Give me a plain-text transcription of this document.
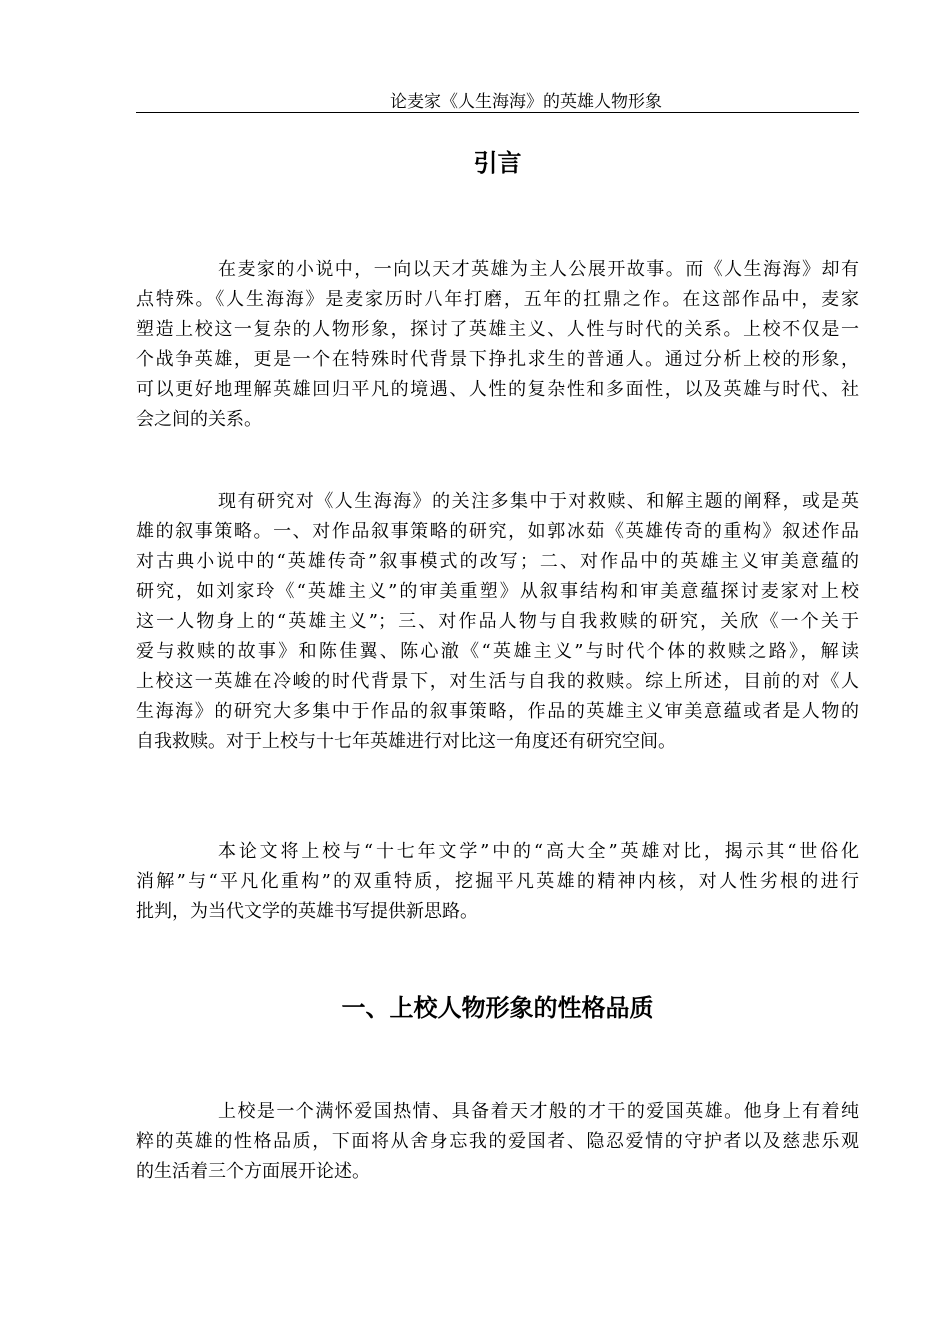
论麦家《人生海海》的英雄人物形象
引言

在麦家的小说中，一向以天才英雄为主人公展开故事。而《人生海海》却有
点特殊。《人生海海》是麦家历时八年打磨，五年的扛鼎之作。在这部作品中，麦家
塑造上校这一复杂的人物形象，探讨了英雄主义、人性与时代的关系。上校不仅是一
个战争英雄，更是一个在特殊时代背景下挣扎求生的普通人。通过分析上校的形象，
可以更好地理解英雄回归平凡的境遇、人性的复杂性和多面性，以及英雄与时代、社
会之间的关系。

现有研究对《人生海海》的关注多集中于对救赎、和解主题的阐释，或是英
雄的叙事策略。一、对作品叙事策略的研究，如郭冰茹《英雄传奇的重构》叙述作品
对古典小说中的“英雄传奇”叙事模式的改写；二、对作品中的英雄主义审美意蕴的
研究，如刘家玲《“英雄主义”的审美重塑》从叙事结构和审美意蕴探讨麦家对上校
这一人物身上的“英雄主义”；三、对作品人物与自我救赎的研究，关欣《一个关于
爱与救赎的故事》和陈佳翼、陈心澈《“英雄主义”与时代个体的救赎之路》，解读
上校这一英雄在冷峻的时代背景下，对生活与自我的救赎。综上所述，目前的对《人
生海海》的研究大多集中于作品的叙事策略，作品的英雄主义审美意蕴或者是人物的
自我救赎。对于上校与十七年英雄进行对比这一角度还有研究空间。

本论文将上校与“十七年文学”中的“高大全”英雄对比，揭示其“世俗化
消解”与“平凡化重构”的双重特质，挖掘平凡英雄的精神内核，对人性劣根的进行
批判，为当代文学的英雄书写提供新思路。

一、上校人物形象的性格品质

上校是一个满怀爱国热情、具备着天才般的才干的爱国英雄。他身上有着纯
粹的英雄的性格品质，下面将从舍身忘我的爱国者、隐忍爱情的守护者以及慈悲乐观
的生活着三个方面展开论述。
